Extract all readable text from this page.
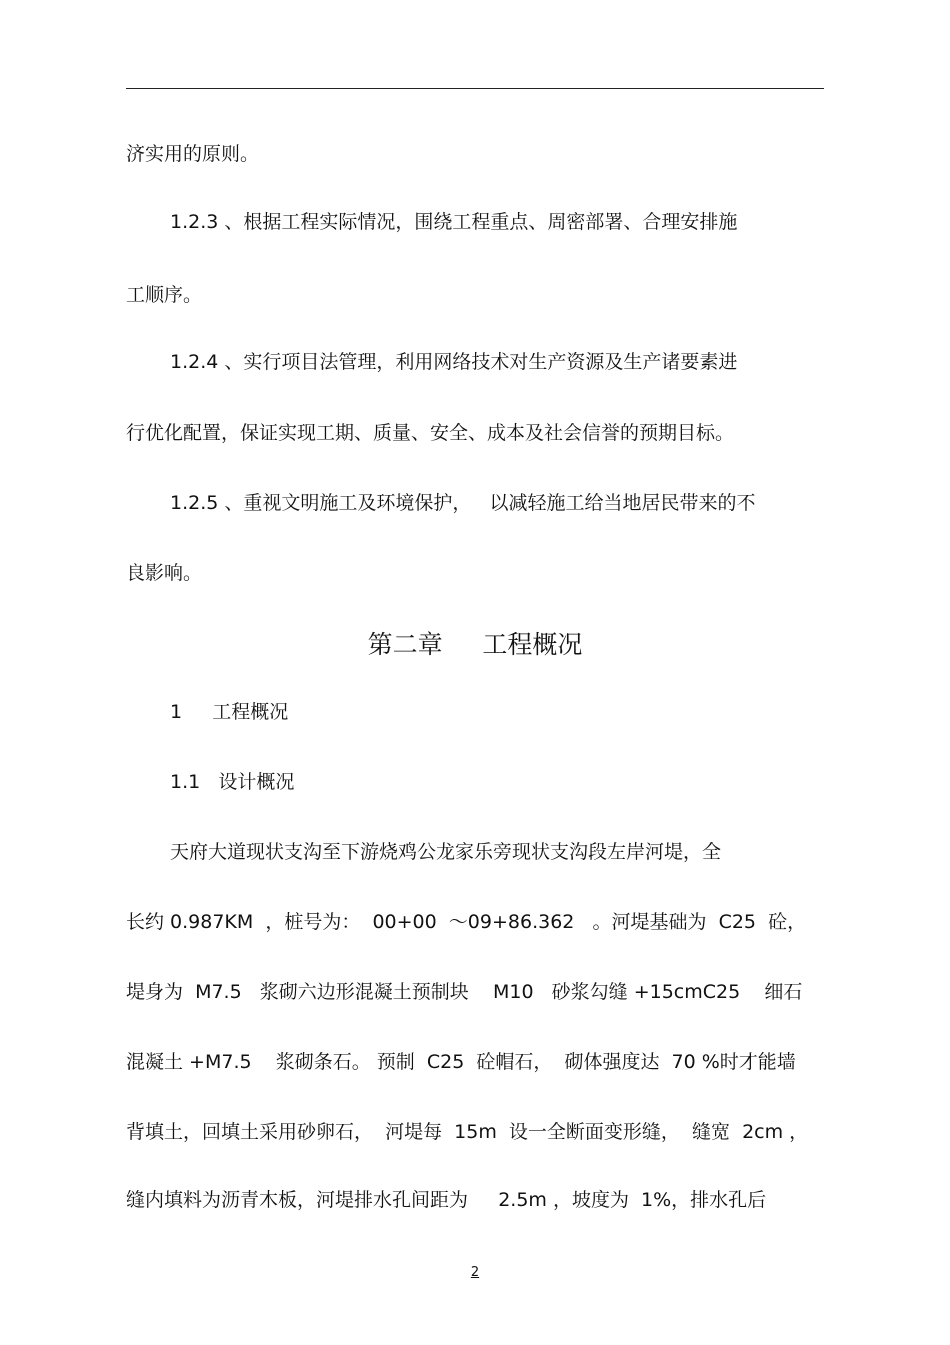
济实用的原则。
1.2.3 、根据工程实际情况，围绕工程重点、周密部署、合理安排施
工顺序。
1.2.4 、实行项目法管理，利用网络技术对生产资源及生产诸要素进
行优化配置，保证实现工期、质量、安全、成本及社会信誉的预期目标。
1.2.5 、重视文明施工及环境保护，   以减轻施工给当地居民带来的不
良影响。
第二章     工程概况
1     工程概况
1.1   设计概况
天府大道现状支沟至下游烧鸡公龙家乐旁现状支沟段左岸河堤，全
长约 0.987KM  ，桩号为：  00+00  ～09+86.362   。河堤基础为  C25  砼，
堤身为  M7.5   浆砌六边形混凝土预制块    M10   砂浆勾缝 +15cmC25    细石
混凝土 +M7.5    浆砌条石。 预制  C25  砼帽石，  砌体强度达  70 %时才能墙
背填土，回填土采用砂卵石，  河堤每  15m  设一全断面变形缝，  缝宽  2cm ，
缝内填料为沥青木板，河堤排水孔间距为     2.5m ，坡度为  1%，排水孔后
2
